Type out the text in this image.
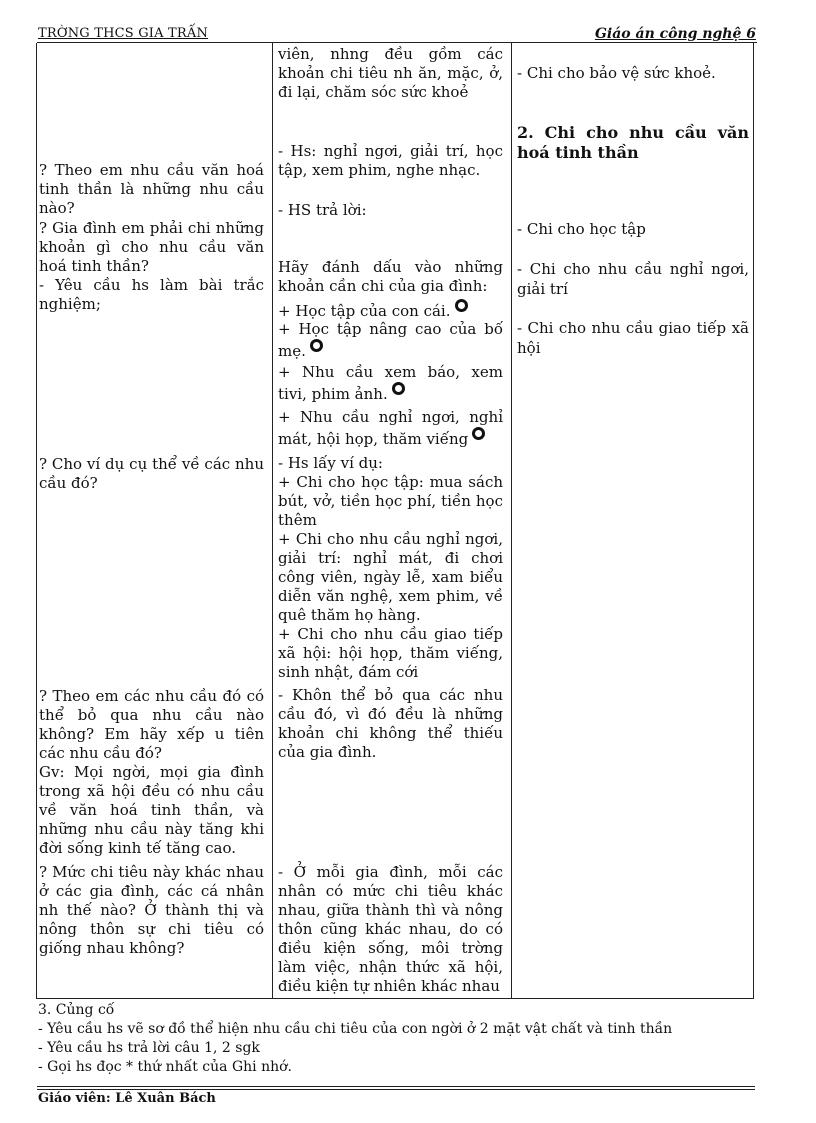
TRỜNG THCS GIA TRẤN	Giáo án công nghệ 6

? Theo em nhu cầu văn hoá tinh thần là những nhu cầu nào?

? Gia đình em phải chi những khoản gì cho nhu cầu văn hoá tinh thần?
- Yêu cầu hs làm bài trắc nghiệm;

? Cho ví dụ cụ thể về các nhu cầu đó?

? Theo em các nhu cầu đó có thể bỏ qua nhu cầu nào không? Em hãy xếp u tiên các nhu cầu đó?
Gv: Mọi ngời, mọi gia đình trong xã hội đều có nhu cầu về văn hoá tinh thần, và những nhu cầu này tăng khi đời sống kinh tế tăng cao.

? Mức chi tiêu này khác nhau ở các gia đình, các cá nhân nh thế nào? Ở thành thị và nông thôn sự chi tiêu có giống nhau không?

viên, nhng đều gồm các khoản chi tiêu nh ăn, mặc, ở, đi lại, chăm sóc sức khoẻ

- Hs: nghỉ ngơi, giải trí, học tập, xem phim, nghe nhạc.

- HS trả lời:

Hãy đánh dấu vào những khoản cần chi của gia đình:

+ Học tập của con cái.

+ Học tập nâng cao của bố mẹ.

+ Nhu cầu xem báo, xem tivi, phim ảnh.

+ Nhu cầu nghỉ ngơi, nghỉ mát, hội họp, thăm viếng

- Hs lấy ví dụ:
+ Chi cho học tập: mua sách bút, vở, tiền học phí, tiền học thêm
+ Chi cho nhu cầu nghỉ ngơi, giải trí: nghỉ mát, đi chơi công viên, ngày lễ, xam biểu diễn văn nghệ, xem phim, về quê thăm họ hàng.
+ Chi cho nhu cầu giao tiếp xã hội: hội họp, thăm viếng, sinh nhật, đám cới

- Khôn thể bỏ qua các nhu cầu đó, vì đó đều là những khoản chi không thể thiếu của gia đình.

- Ở mỗi gia đình, mỗi các nhân có mức chi tiêu khác nhau, giữa thành thì và nông thôn cũng khác nhau, do có điều kiện sống, môi trờng làm việc, nhận thức xã hội, điều kiện tự nhiên khác nhau

- Chi cho bảo vệ sức khoẻ.

2. Chi cho nhu cầu văn hoá tinh thần

- Chi cho học tập

- Chi cho nhu cầu nghỉ ngơi, giải trí

- Chi cho nhu cầu giao tiếp xã hội

3. Củng cố
- Yêu cầu hs vẽ sơ đồ thể hiện nhu cầu chi tiêu của con ngời ở 2 mặt vật chất và tinh thần
- Yêu cầu hs trả lời câu 1, 2 sgk
- Gọi hs đọc * thứ nhất của Ghi nhớ.
Giáo viên: Lê Xuân Bách
